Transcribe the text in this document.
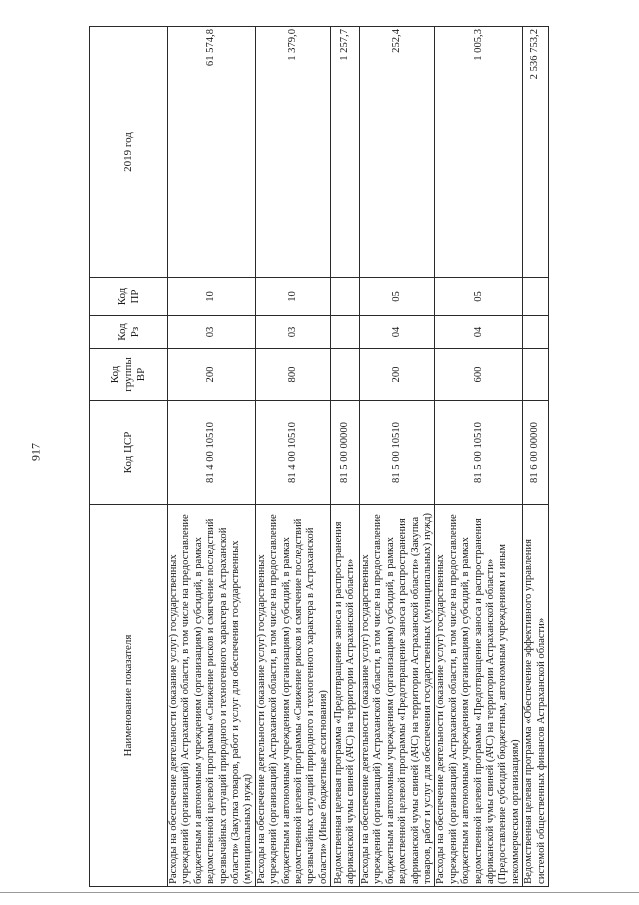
917
Наименование показателя	Код ЦСР	Код группы ВР	Код Рз	Код ПР	2019 год
Расходы на обеспечение деятельности (оказание услуг) государственных учреждений (организаций) Астраханской области, в том числе на предоставление бюджетным и автономным учреждениям (организациям) субсидий, в рамках ведомственной целевой программы «Снижение рисков и смягчение последствий чрезвычайных ситуаций природного и техногенного характера в Астраханской области» (Закупка товаров, работ и услуг для обеспечения государственных (муниципальных) нужд)	81 4 00 10510	200	03	10	61 574,8
Расходы на обеспечение деятельности (оказание услуг) государственных учреждений (организаций) Астраханской области, в том числе на предоставление бюджетным и автономным учреждениям (организациям) субсидий, в рамках ведомственной целевой программы «Снижение рисков и смягчение последствий чрезвычайных ситуаций природного и техногенного характера в Астраханской области» (Иные бюджетные ассигнования)	81 4 00 10510	800	03	10	1 379,0
Ведомственная целевая программа «Предотвращение заноса и распространения африканской чумы свиней (АЧС) на территории Астраханской области»	81 5 00 00000				1 257,7
Расходы на обеспечение деятельности (оказание услуг) государственных учреждений (организаций) Астраханской области, в том числе на предоставление бюджетным и автономным учреждениям (организациям) субсидий, в рамках ведомственной целевой программы «Предотвращение заноса и распространения африканской чумы свиней (АЧС) на территории Астраханской области» (Закупка товаров, работ и услуг для обеспечения государственных (муниципальных) нужд)	81 5 00 10510	200	04	05	252,4
Расходы на обеспечение деятельности (оказание услуг) государственных учреждений (организаций) Астраханской области, в том числе на предоставление бюджетным и автономным учреждениям (организациям) субсидий, в рамках ведомственной целевой программы «Предотвращение заноса и распространения африканской чумы свиней (АЧС) на территории Астраханской области» (Предоставление субсидий бюджетным, автономным учреждениям и иным некоммерческим организациям)	81 5 00 10510	600	04	05	1 005,3
Ведомственная целевая программа «Обеспечение эффективного управления системой общественных финансов Астраханской области»	81 6 00 00000				2 536 753,2
